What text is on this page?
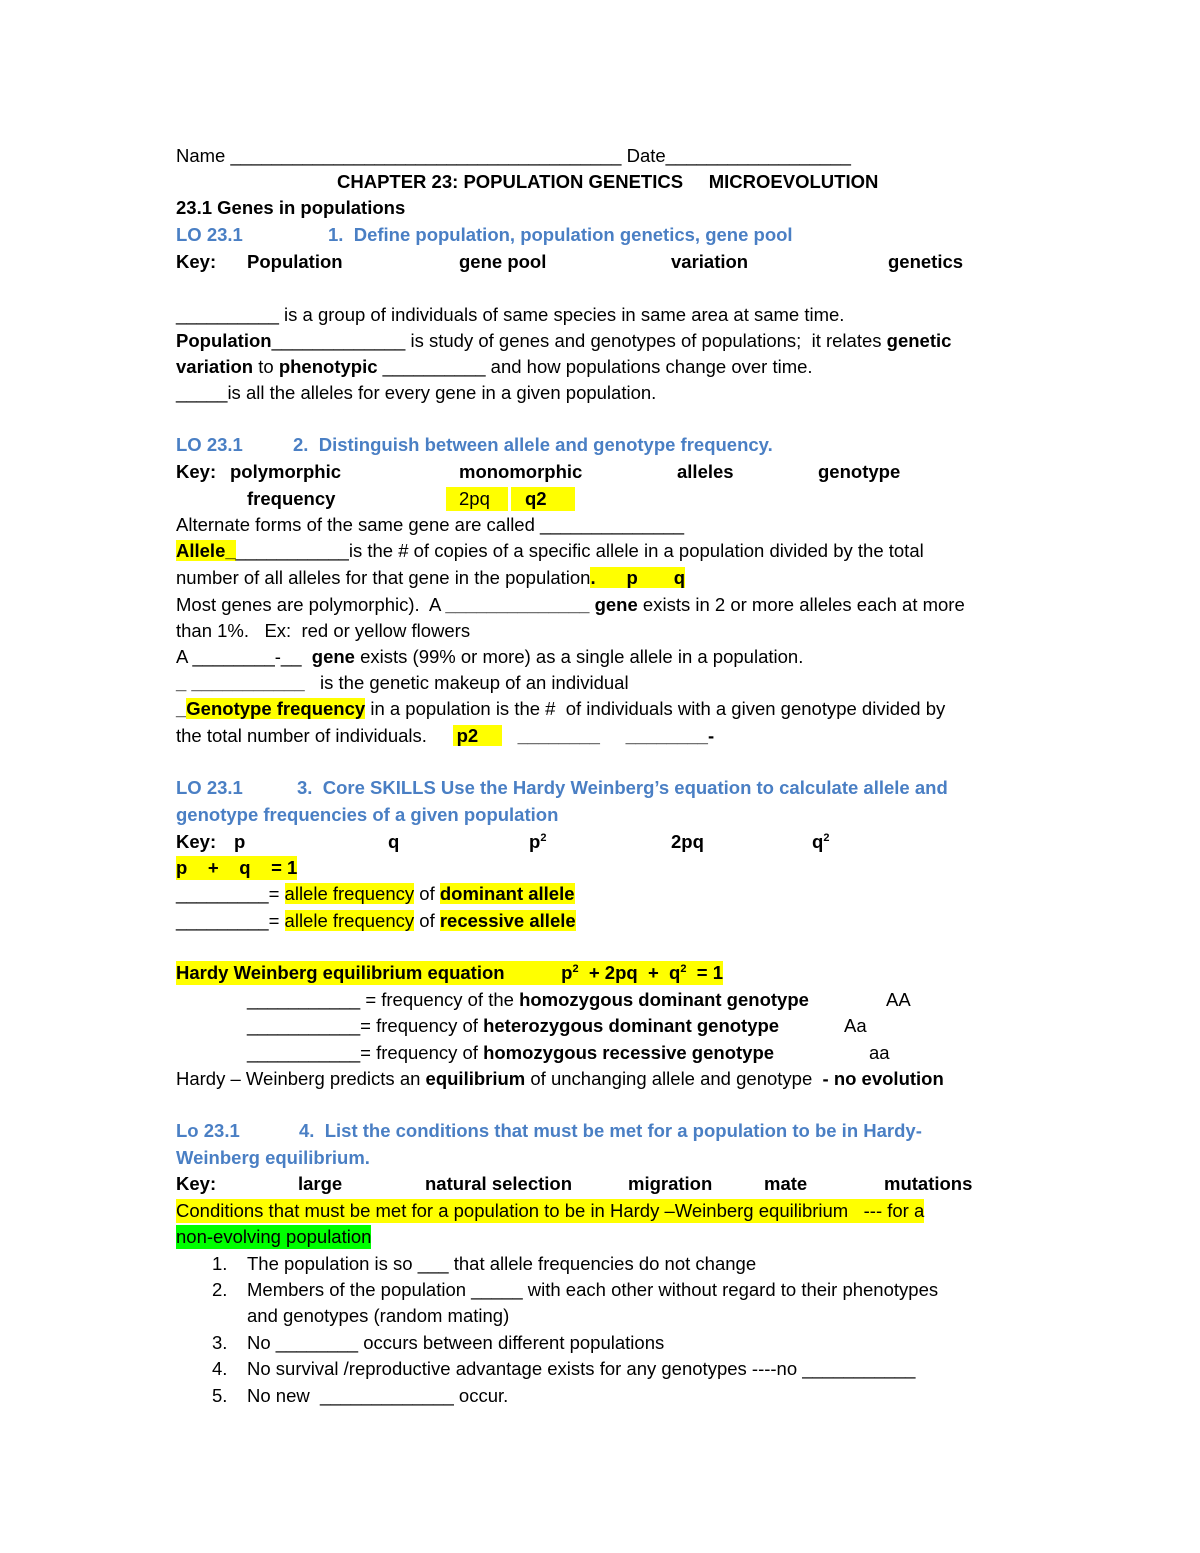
Name ______________________________________ Date__________________
CHAPTER 23: POPULATION GENETICS     MICROEVOLUTION
23.1 Genes in populations
LO 23.1	1.  Define population, population genetics, gene pool
Key: Population	gene pool	variation	genetics
__________ is a group of individuals of same species in same area at same time.
Population_____________ is study of genes and genotypes of populations;  it relates genetic
variation to phenotypic __________ and how populations change over time.
_____is all the alleles for every gene in a given population.
LO 23.1	2.  Distinguish between allele and genotype frequency.
Key: polymorphic	monomorphic	alleles	genotype
frequency	2pq	q2
Alternate forms of the same gene are called ______________
Allele____________is the # of copies of a specific allele in a population divided by the total
number of all alleles for that gene in the population.      p       q
Most genes are polymorphic).  A ______________ gene exists in 2 or more alleles each at more
than 1%.   Ex:  red or yellow flowers
A ________-__  gene exists (99% or more) as a single allele in a population.
_ ___________   is the genetic makeup of an individual
_Genotype frequency in a population is the #  of individuals with a given genotype divided by
the total number of individuals.     p2   ________     ________-
LO 23.1	3.  Core SKILLS Use the Hardy Weinberg’s equation to calculate allele and
genotype frequencies of a given population
Key: p	q	$p^2$	2pq	$q^2$
p    +    q    = 1
_________= allele frequency of dominant allele
_________= allele frequency of recessive allele
Hardy Weinberg equilibrium equation           $p^2 + 2pq + q^2 = 1$
___________ = frequency of the homozygous dominant genotype	AA
___________= frequency of heterozygous dominant genotype	Aa
___________= frequency of homozygous recessive genotype	aa
Hardy – Weinberg predicts an equilibrium of unchanging allele and genotype  - no evolution
Lo 23.1	4.  List the conditions that must be met for a population to be in Hardy-
Weinberg equilibrium.
Key:	large	natural selection	migration	mate	mutations
Conditions that must be met for a population to be in Hardy –Weinberg equilibrium   --- for a
non-evolving population
1. The population is so ___ that allele frequencies do not change
2. Members of the population _____ with each other without regard to their phenotypes
and genotypes (random mating)
3. No ________ occurs between different populations
4. No survival /reproductive advantage exists for any genotypes ----no ___________
5. No new  _____________ occur.
